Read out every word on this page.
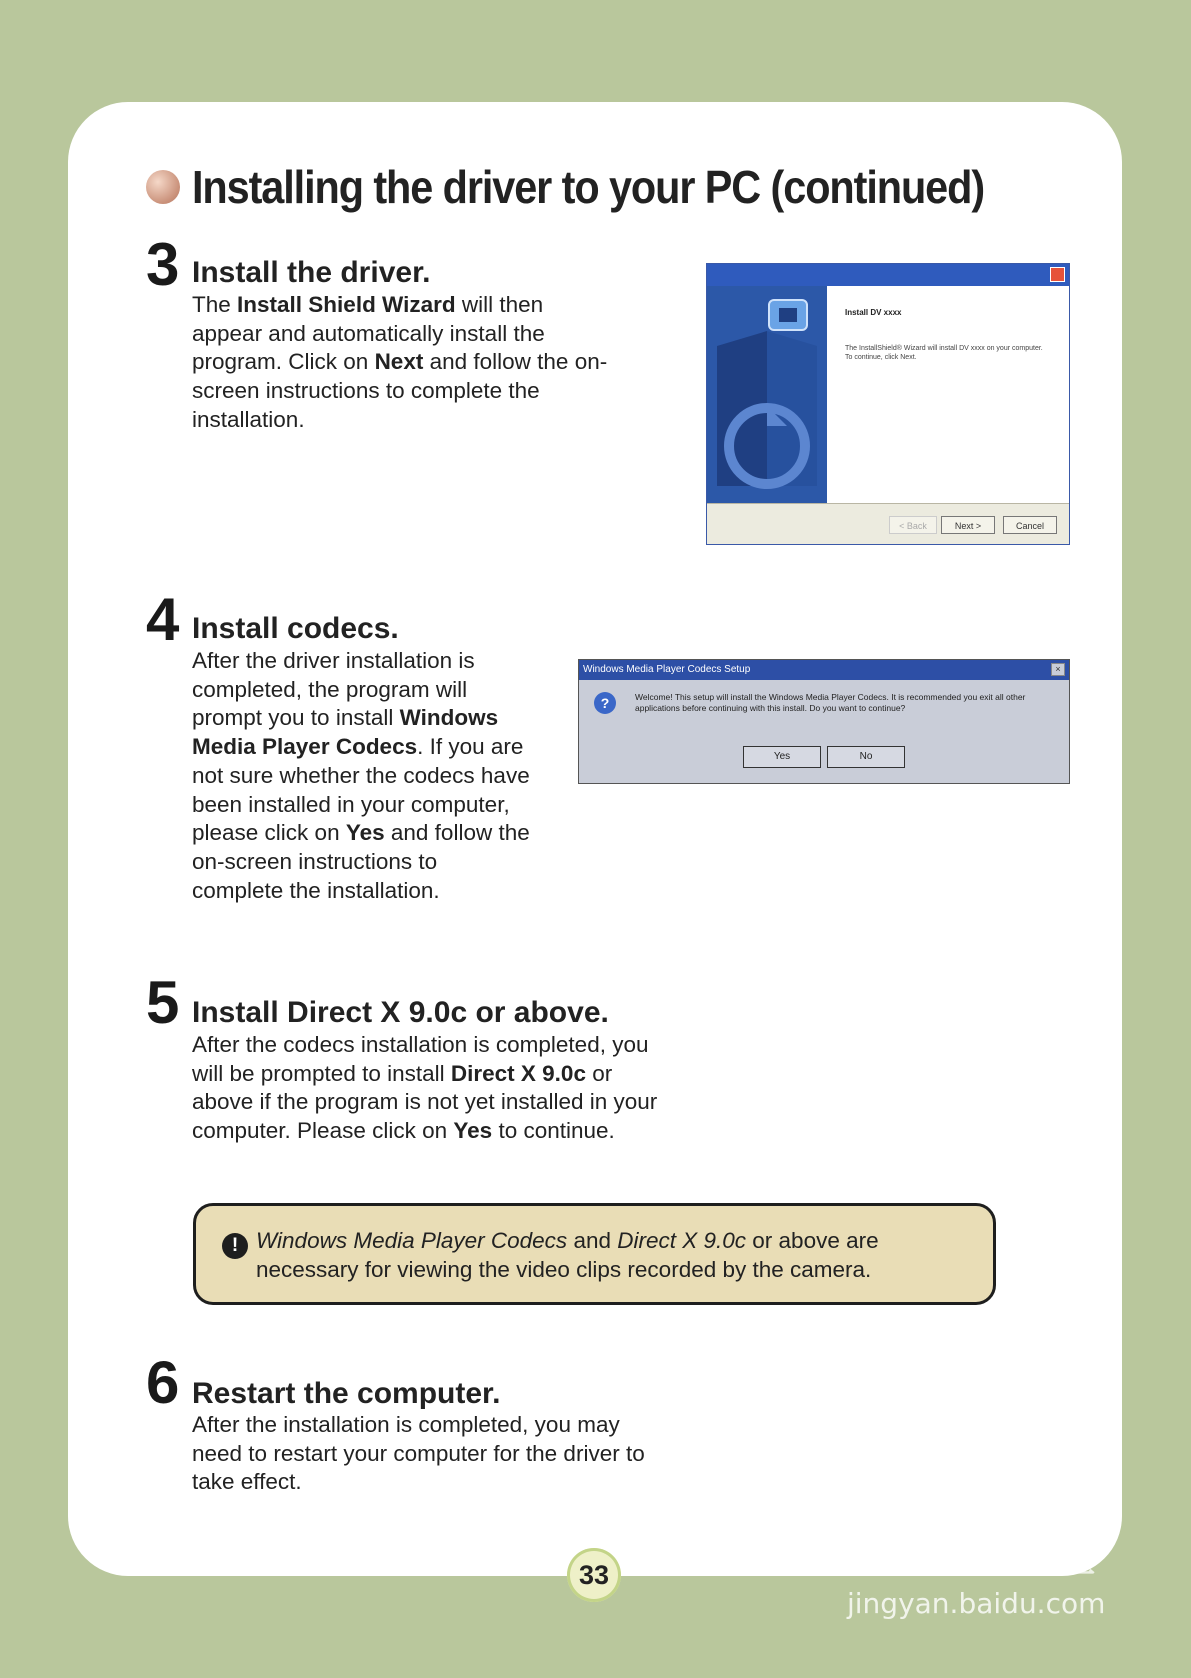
Installing the driver to your PC (continued)
3 Install the driver.
The Install Shield Wizard will then appear and automatically install the program. Click on Next and follow the on-screen instructions to complete the installation.
Install DV xxxx
The InstallShield® Wizard will install DV xxxx on your computer. To continue, click Next.
< Back	Next >	Cancel
4 Install codecs.
After the driver installation is completed, the program will prompt you to install Windows Media Player Codecs. If you are not sure whether the codecs have been installed in your computer, please click on Yes and follow the on-screen instructions to complete the installation.
Windows Media Player Codecs Setup	×
?	Welcome! This setup will install the Windows Media Player Codecs. It is recommended you exit all other applications before continuing with this install. Do you want to continue?
Yes	No
5 Install Direct X 9.0c or above.
After the codecs installation is completed, you will be prompted to install Direct X 9.0c or above if the program is not yet installed in your computer. Please click on Yes to continue.
! Windows Media Player Codecs and Direct X 9.0c or above are necessary for viewing the video clips recorded by the camera.
6 Restart the computer.
After the installation is completed, you may need to restart your computer for the driver to take effect.
33	Baidu 经验
jingyan.baidu.com
